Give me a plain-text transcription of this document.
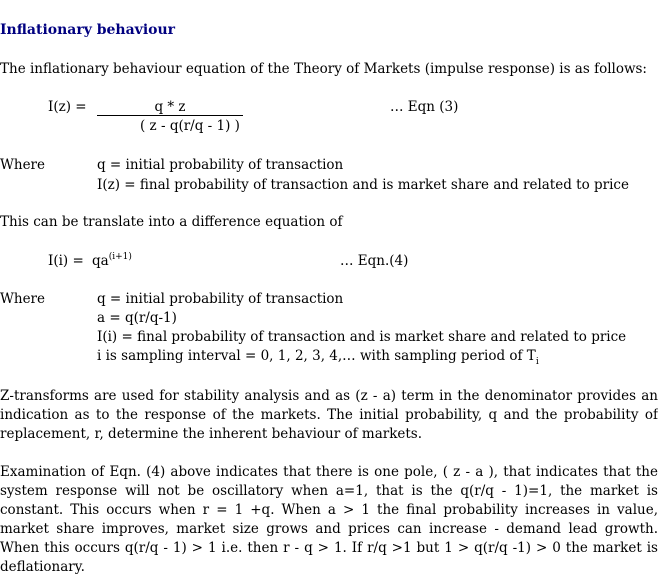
Inflationary behaviour
The inflationary behaviour equation of the Theory of Markets (impulse response) is as follows:
I(z) =	q * z
( z - q(r/q - 1) )
… Eqn (3)
Where	q = initial probability of transaction
I(z) = final probability of transaction and is market share and related to price
This can be translate into a difference equation of
$I(i) = qa^{(i+1)}$	… Eqn.(4)
Where	q = initial probability of transaction
a = q(r/q-1)
I(i) = final probability of transaction and is market share and related to price
i is sampling interval = 0, 1, 2, 3, 4,… with sampling period of $T_i$
Z-transforms are used for stability analysis and as (z - a) term in the denominator provides an indication as to the response of the markets. The initial probability, q and the probability of replacement, r, determine the inherent behaviour of markets.
Examination of Eqn. (4) above indicates that there is one pole, ( z - a ), that indicates that the system response will not be oscillatory when a=1, that is the q(r/q - 1)=1, the market is constant. This occurs when r = 1 +q. When a > 1 the final probability increases in value, market share improves, market size grows and prices can increase - demand lead growth. When this occurs q(r/q - 1) > 1 i.e. then r - q > 1. If r/q >1 but 1 > q(r/q -1) > 0 the market is deflationary.
